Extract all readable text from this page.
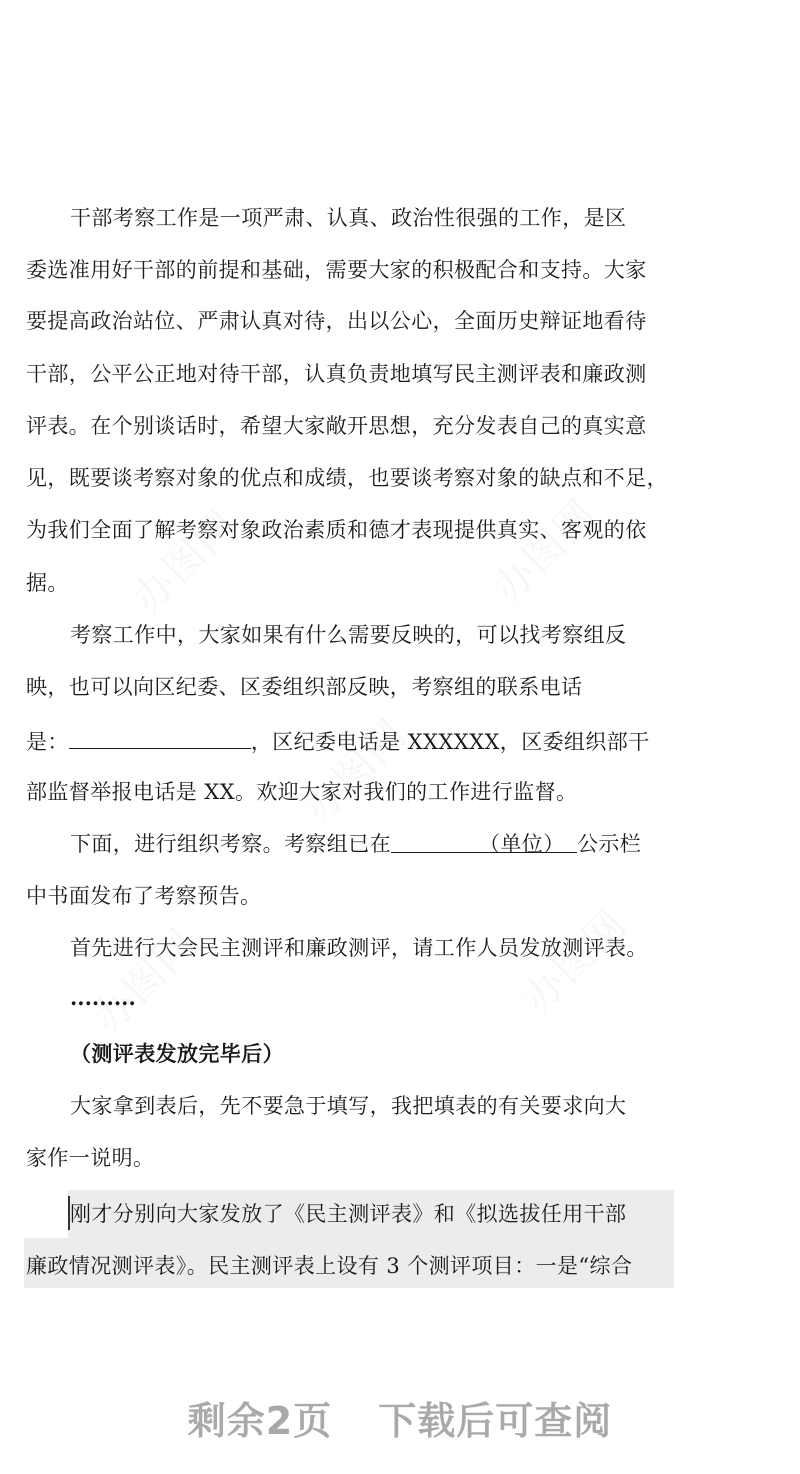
干部考察工作是一项严肃、认真、政治性很强的工作，是区
委选准用好干部的前提和基础，需要大家的积极配合和支持。大家
要提高政治站位、严肃认真对待，出以公心，全面历史辩证地看待
干部，公平公正地对待干部，认真负责地填写民主测评表和廉政测
评表。在个别谈话时，希望大家敞开思想，充分发表自己的真实意
见，既要谈考察对象的优点和成绩，也要谈考察对象的缺点和不足，
为我们全面了解考察对象政治素质和德才表现提供真实、客观的依
据。
考察工作中，大家如果有什么需要反映的，可以找考察组反
映，也可以向区纪委、区委组织部反映，考察组的联系电话
是：	，区纪委电话是 XXXXXX，区委组织部干
部监督举报电话是 XX。欢迎大家对我们的工作进行监督。
下面，进行组织考察。考察组已在	（单位） 公示栏
中书面发布了考察预告。
首先进行大会民主测评和廉政测评，请工作人员发放测评表。
.........
（测评表发放完毕后）
大家拿到表后，先不要急于填写，我把填表的有关要求向大
家作一说明。
刚才分别向大家发放了《民主测评表》和《拟选拔任用干部
廉政情况测评表》。民主测评表上设有 3 个测评项目：一是“综合
剩余2页 下载后可查阅
